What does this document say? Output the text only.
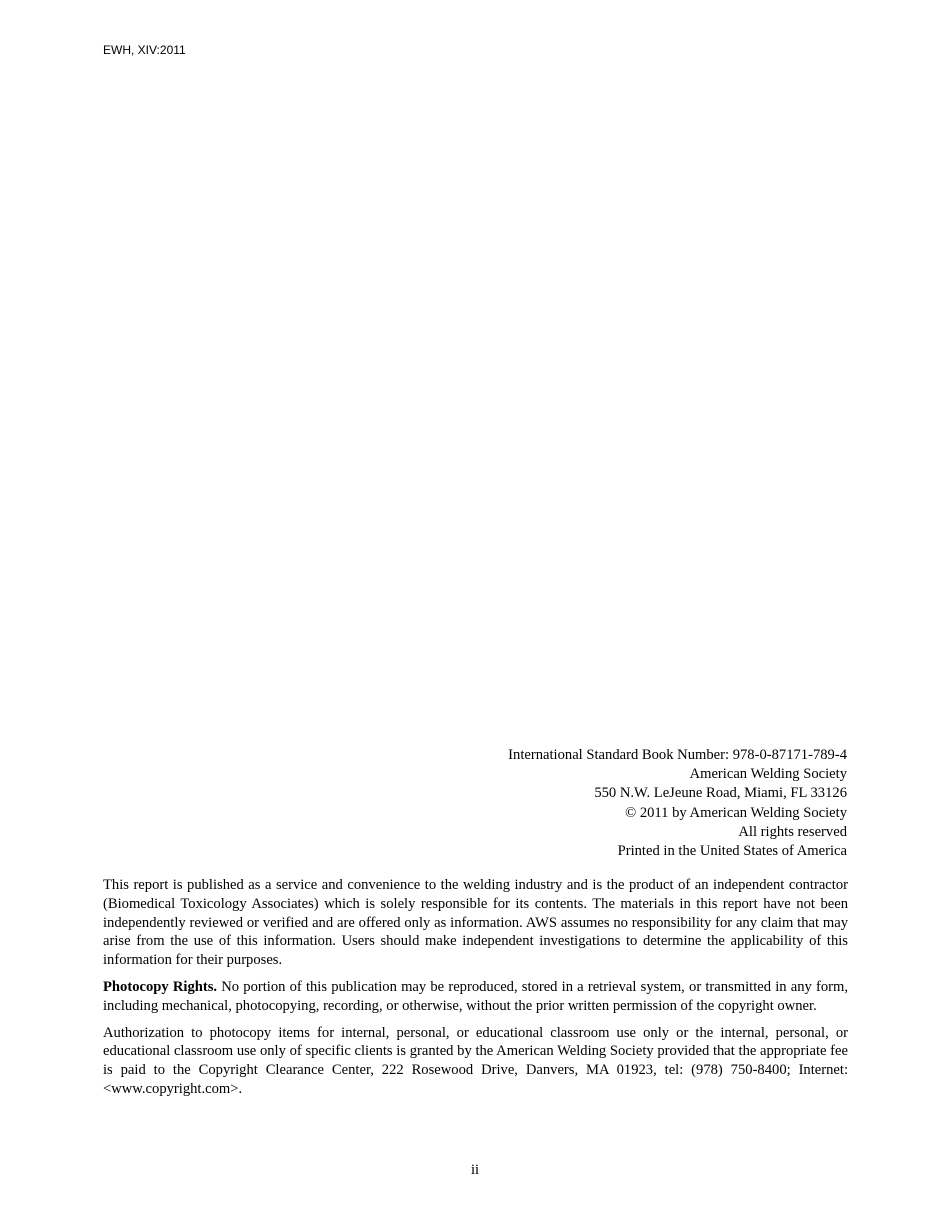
EWH, XIV:2011
International Standard Book Number: 978-0-87171-789-4
American Welding Society
550 N.W. LeJeune Road, Miami, FL 33126
© 2011 by American Welding Society
All rights reserved
Printed in the United States of America

This report is published as a service and convenience to the welding industry and is the product of an independent contractor (Biomedical Toxicology Associates) which is solely responsible for its contents. The materials in this report have not been independently reviewed or verified and are offered only as information. AWS assumes no responsibility for any claim that may arise from the use of this information. Users should make independent investigations to determine the applicability of this information for their purposes.

Photocopy Rights. No portion of this publication may be reproduced, stored in a retrieval system, or transmitted in any form, including mechanical, photocopying, recording, or otherwise, without the prior written permission of the copyright owner.

Authorization to photocopy items for internal, personal, or educational classroom use only or the internal, personal, or educational classroom use only of specific clients is granted by the American Welding Society provided that the appropriate fee is paid to the Copyright Clearance Center, 222 Rosewood Drive, Danvers, MA 01923, tel: (978) 750-8400; Internet: <www.copyright.com>.

ii
